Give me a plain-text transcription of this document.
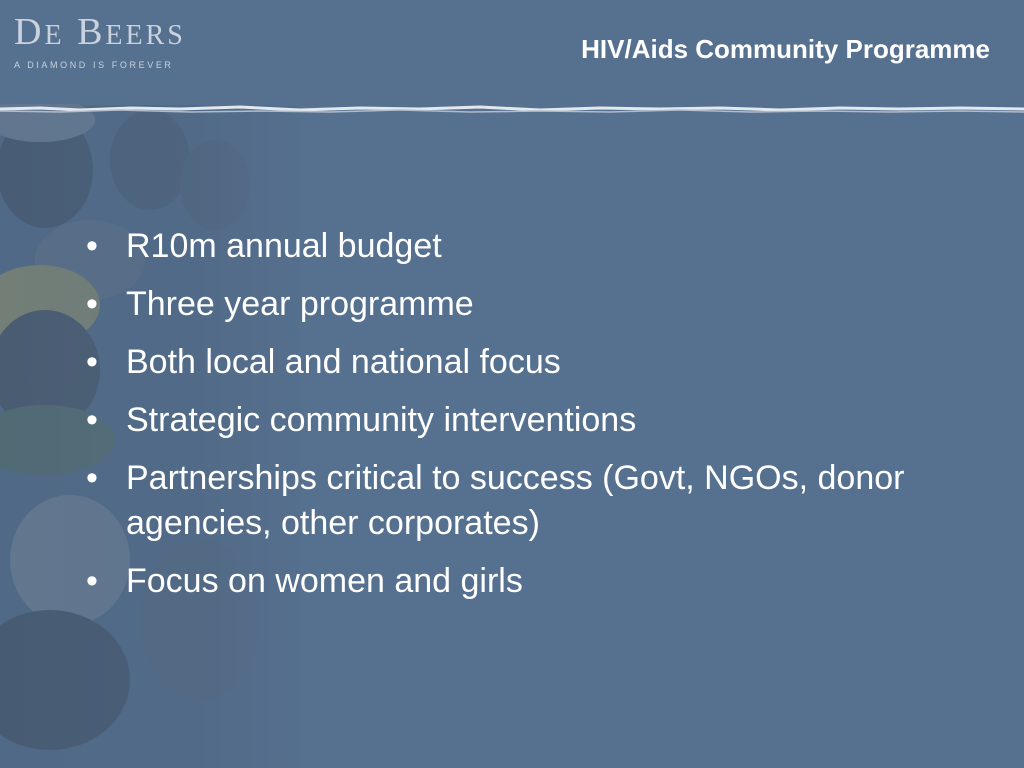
DE BEERS
A DIAMOND IS FOREVER
HIV/Aids Community Programme
• R10m annual budget
• Three year programme
• Both local and national focus
• Strategic community interventions
• Partnerships critical to success (Govt, NGOs, donor agencies, other corporates)
• Focus on women and girls
